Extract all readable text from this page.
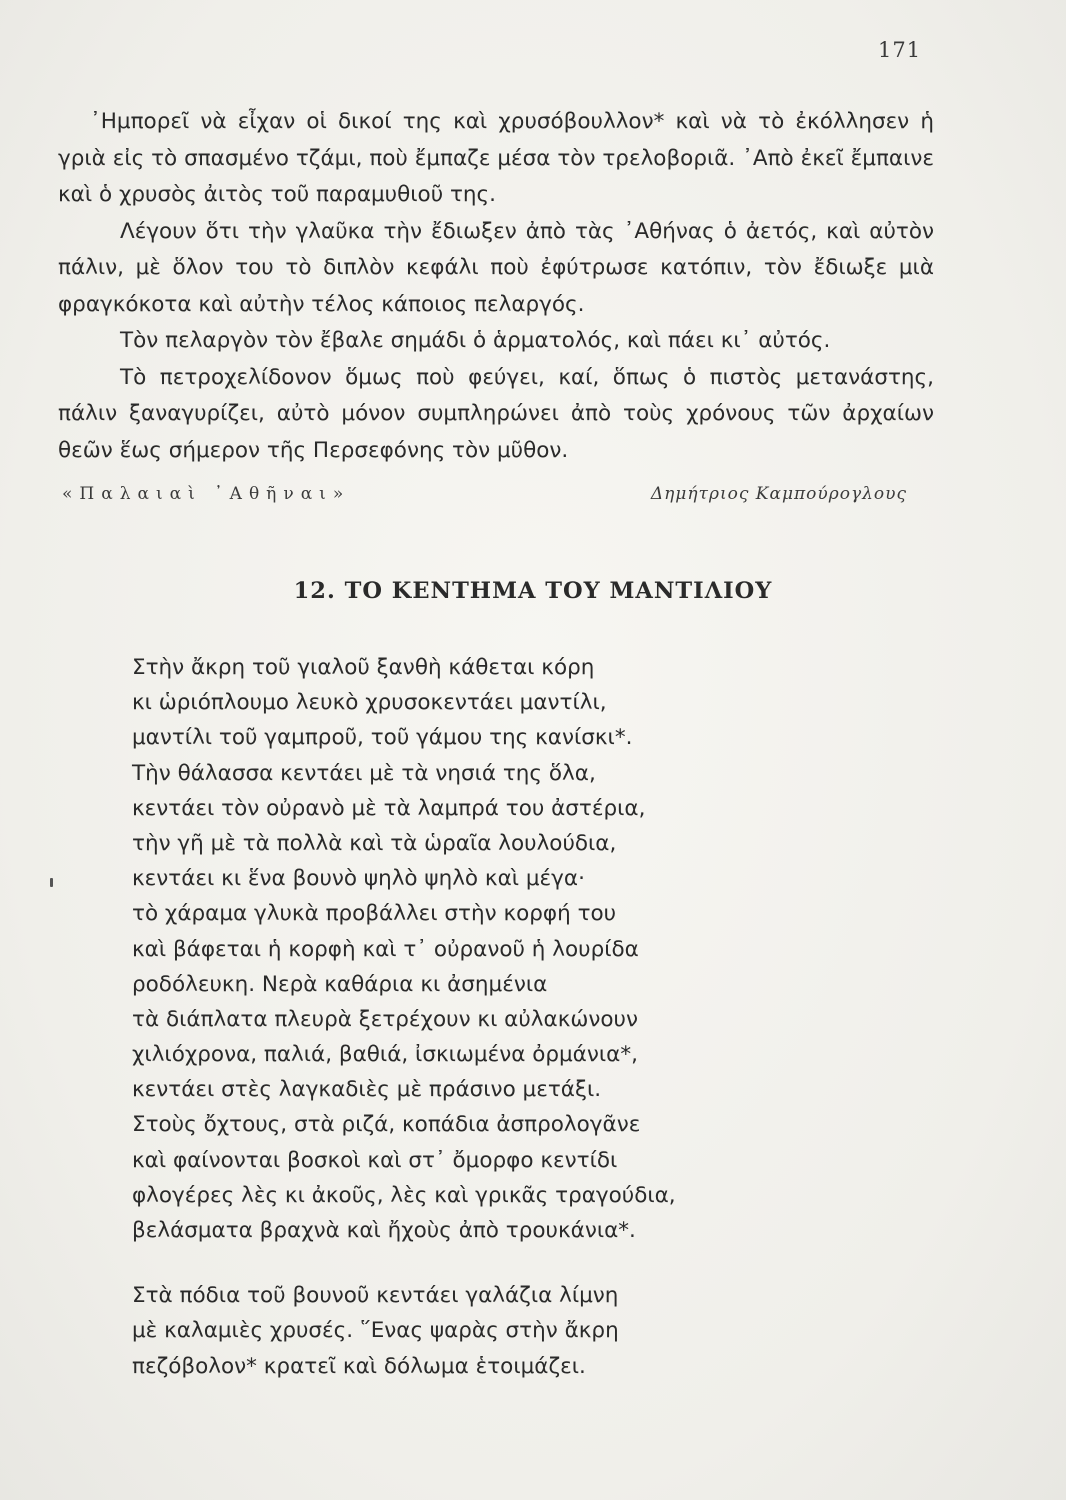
171

᾿Ημπορεῖ νὰ εἶχαν οἱ δικοί της καὶ χρυσόβουλλον* καὶ νὰ τὸ ἐκόλλησεν ἡ γριὰ εἰς τὸ σπασμένο τζάμι, ποὺ ἔμπαζε μέσα τὸν τρελοβοριᾶ. ᾿Απὸ ἐκεῖ ἔμπαινε καὶ ὁ χρυσὸς ἀιτὸς τοῦ παραμυθιοῦ της.

Λέγουν ὅτι τὴν γλαῦκα τὴν ἔδιωξεν ἀπὸ τὰς ᾿Αθήνας ὁ ἀετός, καὶ αὐτὸν πάλιν, μὲ ὅλον του τὸ διπλὸν κεφάλι ποὺ ἐφύτρωσε κατόπιν, τὸν ἔδιωξε μιὰ φραγκόκοτα καὶ αὐτὴν τέλος κάποιος πελαργός.

Τὸν πελαργὸν τὸν ἔβαλε σημάδι ὁ ἁρματολός, καὶ πάει κι᾿ αὐτός.

Τὸ πετροχελίδονον ὅμως ποὺ φεύγει, καί, ὅπως ὁ πιστὸς μετανάστης, πάλιν ξαναγυρίζει, αὐτὸ μόνον συμπληρώνει ἀπὸ τοὺς χρόνους τῶν ἀρχαίων θεῶν ἕως σήμερον τῆς Περσεφόνης τὸν μῦθον.

«Παλαιαὶ ᾿Αθῆναι»	Δημήτριος Καμπούρογλους
12. ΤΟ ΚΕΝΤΗΜΑ ΤΟΥ ΜΑΝΤΙΛΙΟΥ
Στὴν ἄκρη τοῦ γιαλοῦ ξανθὴ κάθεται κόρη
κι ὡριόπλουμο λευκὸ χρυσοκεντάει μαντίλι,
μαντίλι τοῦ γαμπροῦ, τοῦ γάμου της κανίσκι*.
Τὴν θάλασσα κεντάει μὲ τὰ νησιά της ὅλα,
κεντάει τὸν οὐρανὸ μὲ τὰ λαμπρά του ἀστέρια,
τὴν γῆ μὲ τὰ πολλὰ καὶ τὰ ὡραῖα λουλούδια,
κεντάει κι ἕνα βουνὸ ψηλὸ ψηλὸ καὶ μέγα·
τὸ χάραμα γλυκὰ προβάλλει στὴν κορφή του
καὶ βάφεται ἡ κορφὴ καὶ τ᾿ οὐρανοῦ ἡ λουρίδα
ροδόλευκη. Νερὰ καθάρια κι ἀσημένια
τὰ διάπλατα πλευρὰ ξετρέχουν κι αὐλακώνουν
χιλιόχρονα, παλιά, βαθιά, ἰσκιωμένα ὀρμάνια*,
κεντάει στὲς λαγκαδιὲς μὲ πράσινο μετάξι.
Στοὺς ὄχτους, στὰ ριζά, κοπάδια ἀσπρολογᾶνε
καὶ φαίνονται βοσκοὶ καὶ στ᾿ ὄμορφο κεντίδι
φλογέρες λὲς κι ἀκοῦς, λὲς καὶ γρικᾶς τραγούδια,
βελάσματα βραχνὰ καὶ ἤχοὺς ἀπὸ τρουκάνια*.
Στὰ πόδια τοῦ βουνοῦ κεντάει γαλάζια λίμνη
μὲ καλαμιὲς χρυσές. ῞Ενας ψαρὰς στὴν ἄκρη
πεζόβολον* κρατεῖ καὶ δόλωμα ἑτοιμάζει.
